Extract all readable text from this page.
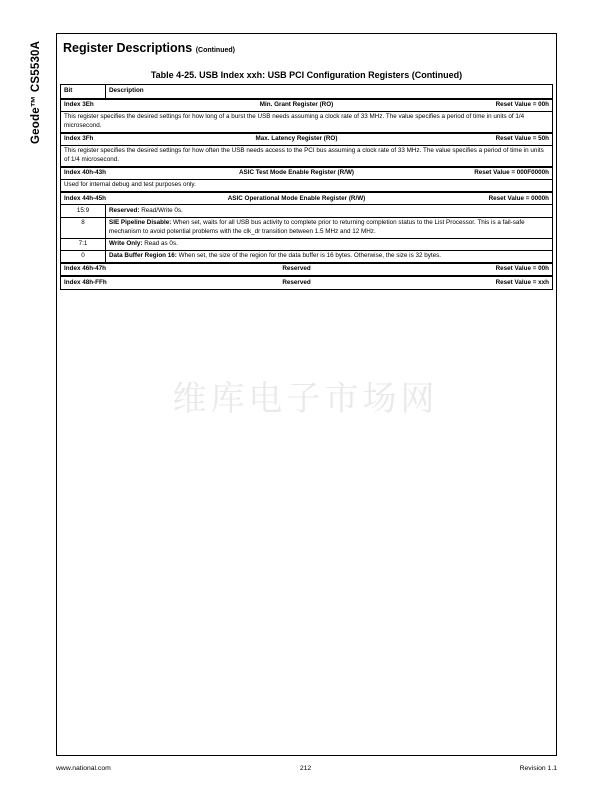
Geode™ CS5530A Register Descriptions (Continued)
Table 4-25. USB Index xxh: USB PCI Configuration Registers (Continued)
Bit	Description

Index 3Eh Min. Grant Register (RO) Reset Value = 00h	

This register specifies the desired settings for how long of a burst the USB needs assuming a clock rate of 33 MHz. The value specifies a period of time in units of 1/4 microsecond.	

Index 3Fh Max. Latency Register (RO) Reset Value = 50h	

This register specifies the desired settings for how often the USB needs access to the PCI bus assuming a clock rate of 33 MHz. The value specifies a period of time in units of 1/4 microsecond.	

Index 40h-43h ASIC Test Mode Enable Register (R/W) Reset Value = 000F0000h	

Used for internal debug and test purposes only.	

Index 44h-45h ASIC Operational Mode Enable Register (R/W) Reset Value = 0000h	

15:9	Reserved: Read/Write 0s.
8	SIE Pipeline Disable: When set, waits for all USB bus activity to complete prior to returning completion status to the List Processor. This is a fail-safe mechanism to avoid potential problems with the clk_dr transition between 1.5 MHz and 12 MHz.
7:1	Write Only: Read as 0s.
0	Data Buffer Region 16: When set, the size of the region for the data buffer is 16 bytes. Otherwise, the size is 32 bytes.

Index 46h-47h Reserved Reset Value = 00h	

Index 48h-FFh Reserved Reset Value = xxh	
维库电子市场网
www.national.com	212	Revision 1.1
